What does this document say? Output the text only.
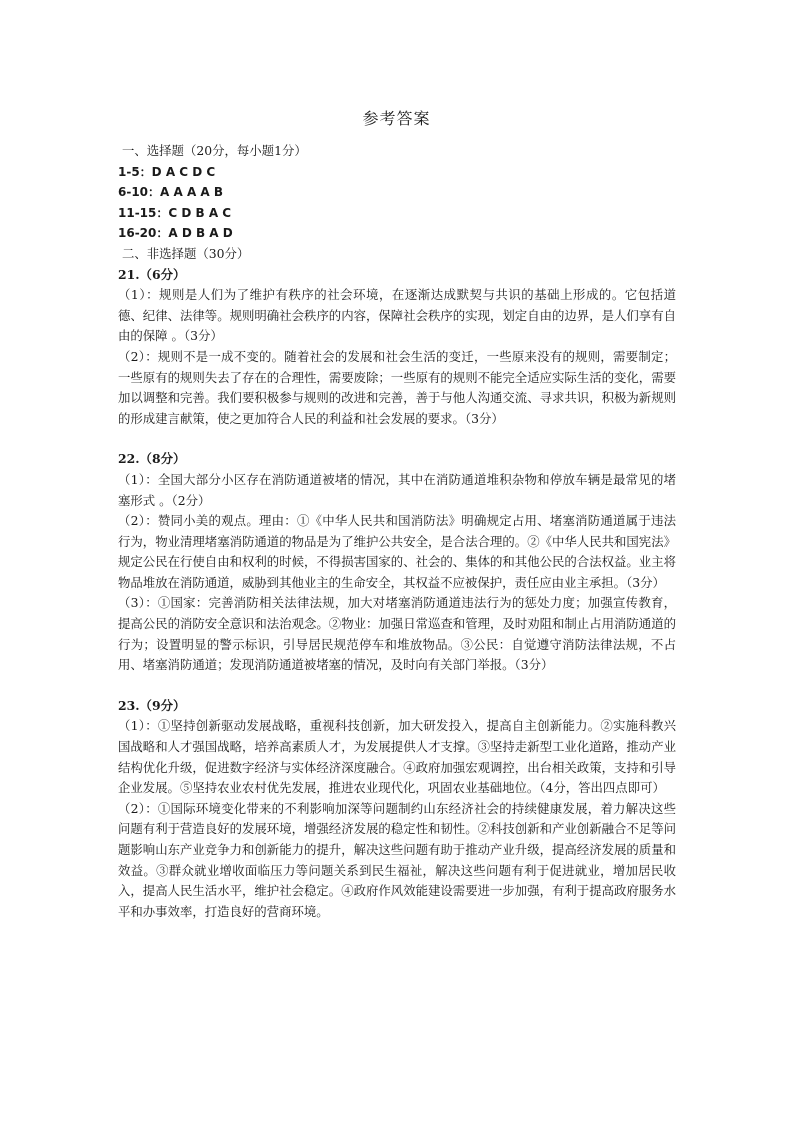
参考答案
一、选择题（20分，每小题1分）
1-5：D A C D C
6-10：A A A A B
11-15：C D B A C
16-20：A D B A D
二、非选择题（30分）
21.（6分）
（1）：规则是人们为了维护有秩序的社会环境，在逐渐达成默契与共识的基础上形成的。它包括道德、纪律、法律等。规则明确社会秩序的内容，保障社会秩序的实现，划定自由的边界，是人们享有自由的保障 。（3分）
（2）：规则不是一成不变的。随着社会的发展和社会生活的变迁，一些原来没有的规则，需要制定；一些原有的规则失去了存在的合理性，需要废除；一些原有的规则不能完全适应实际生活的变化，需要加以调整和完善。我们要积极参与规则的改进和完善，善于与他人沟通交流、寻求共识，积极为新规则的形成建言献策，使之更加符合人民的利益和社会发展的要求。（3分）
22.（8分）
（1）：全国大部分小区存在消防通道被堵的情况，其中在消防通道堆积杂物和停放车辆是最常见的堵塞形式 。（2分）
（2）：赞同小美的观点。理由：①《中华人民共和国消防法》明确规定占用、堵塞消防通道属于违法行为，物业清理堵塞消防通道的物品是为了维护公共安全，是合法合理的。②《中华人民共和国宪法》规定公民在行使自由和权利的时候，不得损害国家的、社会的、集体的和其他公民的合法权益。业主将物品堆放在消防通道，威胁到其他业主的生命安全，其权益不应被保护，责任应由业主承担。（3分）
（3）：①国家：完善消防相关法律法规，加大对堵塞消防通道违法行为的惩处力度；加强宣传教育，提高公民的消防安全意识和法治观念。②物业：加强日常巡查和管理，及时劝阻和制止占用消防通道的行为；设置明显的警示标识，引导居民规范停车和堆放物品。③公民：自觉遵守消防法律法规，不占用、堵塞消防通道；发现消防通道被堵塞的情况，及时向有关部门举报。（3分）
23.（9分）
（1）：①坚持创新驱动发展战略，重视科技创新，加大研发投入，提高自主创新能力。②实施科教兴国战略和人才强国战略，培养高素质人才，为发展提供人才支撑。③坚持走新型工业化道路，推动产业结构优化升级，促进数字经济与实体经济深度融合。④政府加强宏观调控，出台相关政策，支持和引导企业发展。⑤坚持农业农村优先发展，推进农业现代化，巩固农业基础地位。（4分，答出四点即可）
（2）：①国际环境变化带来的不利影响加深等问题制约山东经济社会的持续健康发展，着力解决这些问题有利于营造良好的发展环境，增强经济发展的稳定性和韧性。②科技创新和产业创新融合不足等问题影响山东产业竞争力和创新能力的提升，解决这些问题有助于推动产业升级，提高经济发展的质量和效益。③群众就业增收面临压力等问题关系到民生福祉，解决这些问题有利于促进就业，增加居民收入，提高人民生活水平，维护社会稳定。④政府作风效能建设需要进一步加强，有利于提高政府服务水平和办事效率，打造良好的营商环境。
